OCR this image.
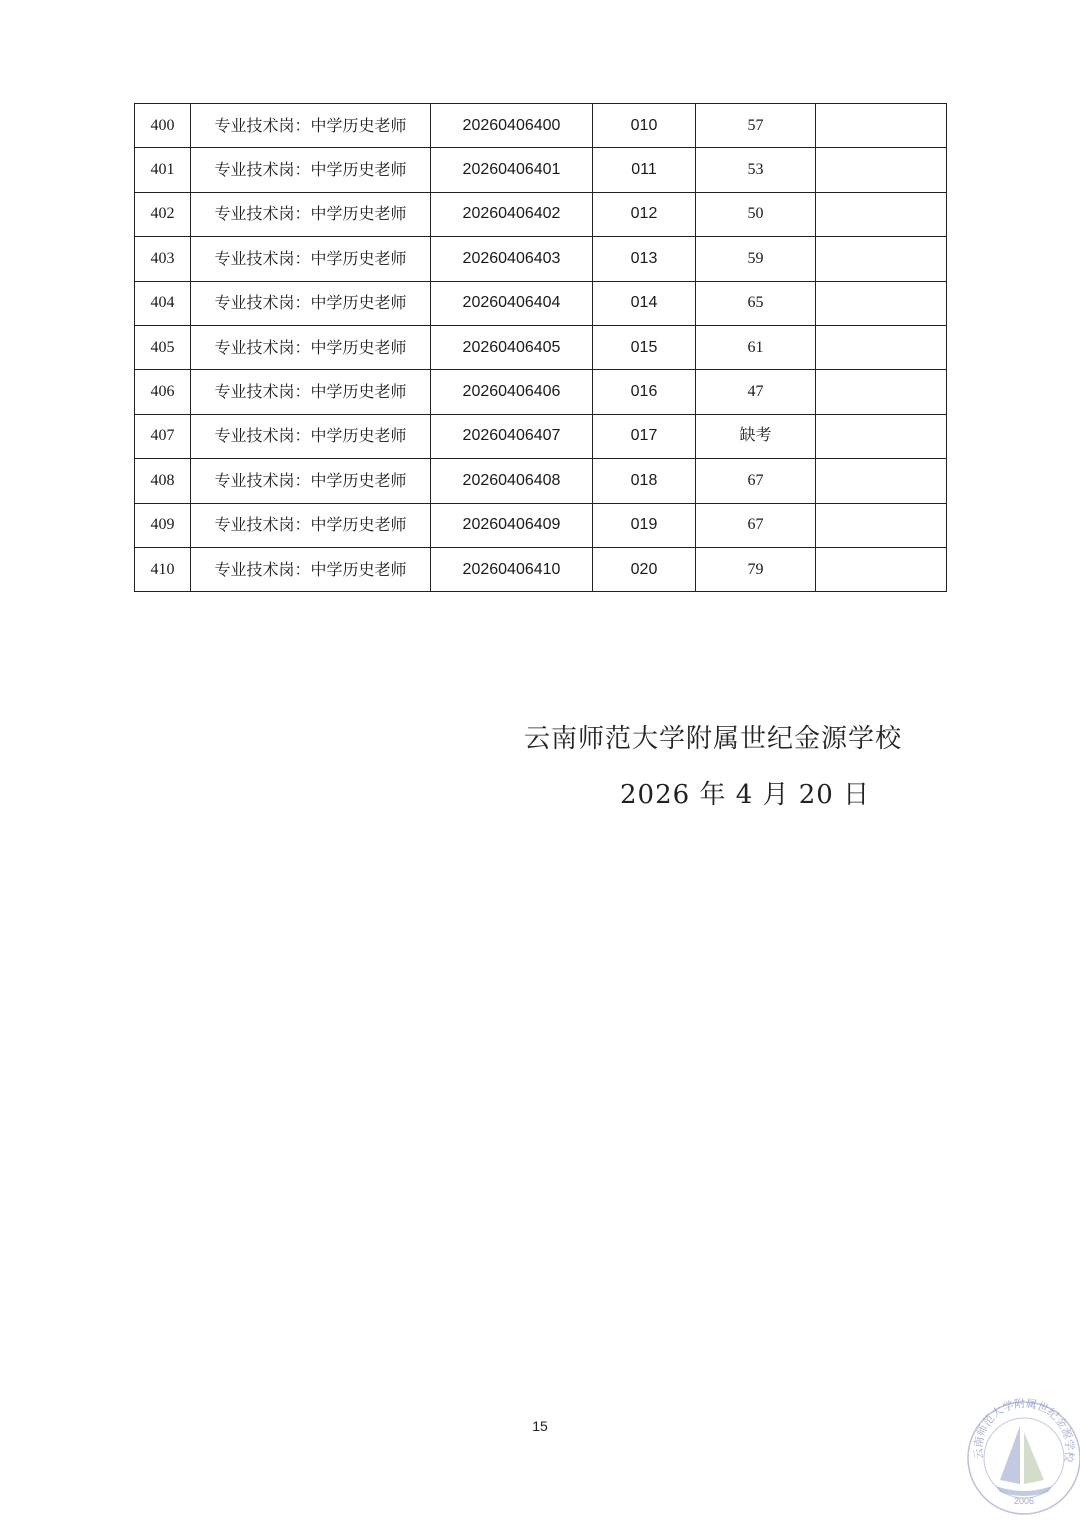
400	专业技术岗：中学历史老师	20260406400	010	57	
401	专业技术岗：中学历史老师	20260406401	011	53	
402	专业技术岗：中学历史老师	20260406402	012	50	
403	专业技术岗：中学历史老师	20260406403	013	59	
404	专业技术岗：中学历史老师	20260406404	014	65	
405	专业技术岗：中学历史老师	20260406405	015	61	
406	专业技术岗：中学历史老师	20260406406	016	47	
407	专业技术岗：中学历史老师	20260406407	017	缺考	
408	专业技术岗：中学历史老师	20260406408	018	67	
409	专业技术岗：中学历史老师	20260406409	019	67	
410	专业技术岗：中学历史老师	20260406410	020	79	
云南师范大学附属世纪金源学校
2026 年 4 月 20 日
15
云南师范大学附属世纪金源学校
2006
